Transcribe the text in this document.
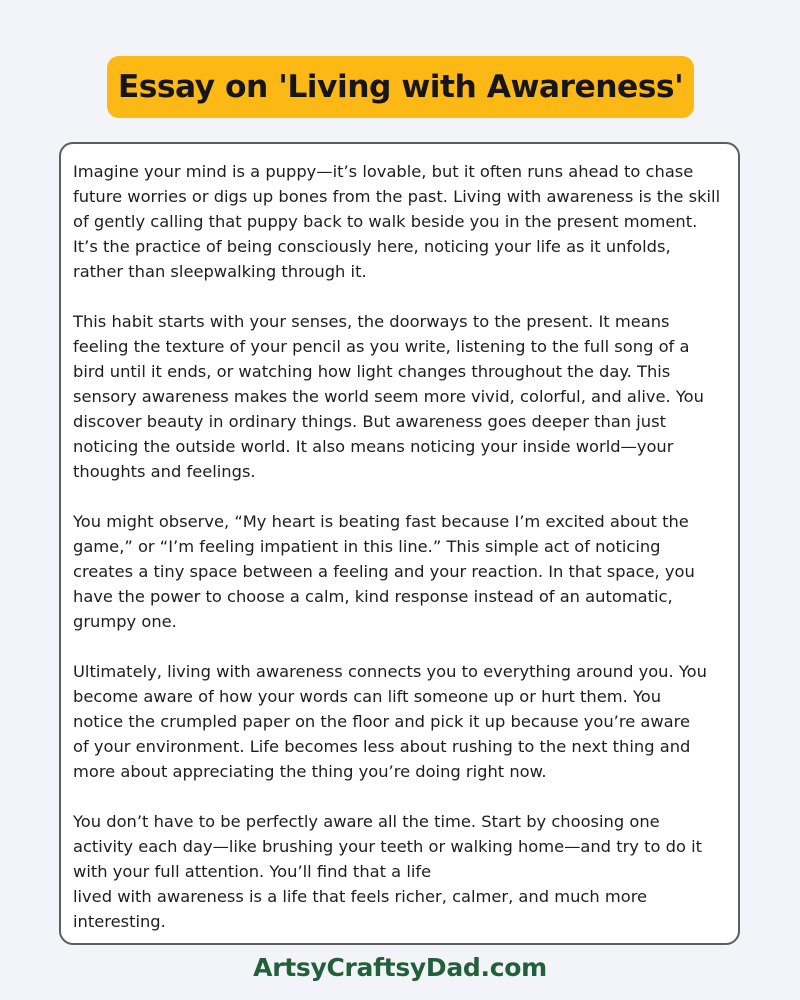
Essay on 'Living with Awareness'

Imagine your mind is a puppy—it’s lovable, but it often runs ahead to chase
future worries or digs up bones from the past. Living with awareness is the skill
of gently calling that puppy back to walk beside you in the present moment.
It’s the practice of being consciously here, noticing your life as it unfolds,
rather than sleepwalking through it.

This habit starts with your senses, the doorways to the present. It means
feeling the texture of your pencil as you write, listening to the full song of a
bird until it ends, or watching how light changes throughout the day. This
sensory awareness makes the world seem more vivid, colorful, and alive. You
discover beauty in ordinary things. But awareness goes deeper than just
noticing the outside world. It also means noticing your inside world—your
thoughts and feelings.

You might observe, “My heart is beating fast because I’m excited about the
game,” or “I’m feeling impatient in this line.” This simple act of noticing
creates a tiny space between a feeling and your reaction. In that space, you
have the power to choose a calm, kind response instead of an automatic,
grumpy one.

Ultimately, living with awareness connects you to everything around you. You
become aware of how your words can lift someone up or hurt them. You
notice the crumpled paper on the floor and pick it up because you’re aware
of your environment. Life becomes less about rushing to the next thing and
more about appreciating the thing you’re doing right now.

You don’t have to be perfectly aware all the time. Start by choosing one
activity each day—like brushing your teeth or walking home—and try to do it
with your full attention. You’ll find that a life
lived with awareness is a life that feels richer, calmer, and much more
interesting.

ArtsyCraftsyDad.com
